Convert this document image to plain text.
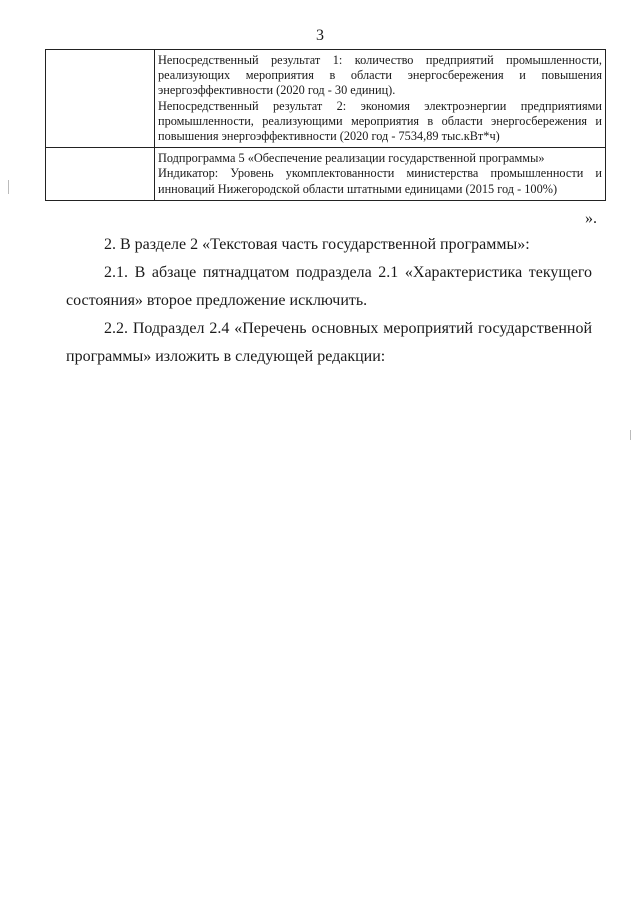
3

	Непосредственный результат 1: количество предприятий промышленности, реализующих мероприятия в области энергосбережения и повышения энергоэффективности (2020 год - 30 единиц).
Непосредственный результат 2: экономия электроэнергии предприятиями промышленности, реализующими мероприятия в области энергосбережения и повышения энергоэффективности (2020 год - 7534,89 тыс.кВт*ч)

	Подпрограмма 5 «Обеспечение реализации государственной программы»
Индикатор: Уровень укомплектованности министерства промышленности и инноваций Нижегородской области штатными единицами (2015 год - 100%)
».
2. В разделе 2 «Текстовая часть государственной программы»:
2.1. В абзаце пятнадцатом подраздела 2.1 «Характеристика текущего состояния» второе предложение исключить.
2.2. Подраздел 2.4 «Перечень основных мероприятий государственной программы» изложить в следующей редакции:
